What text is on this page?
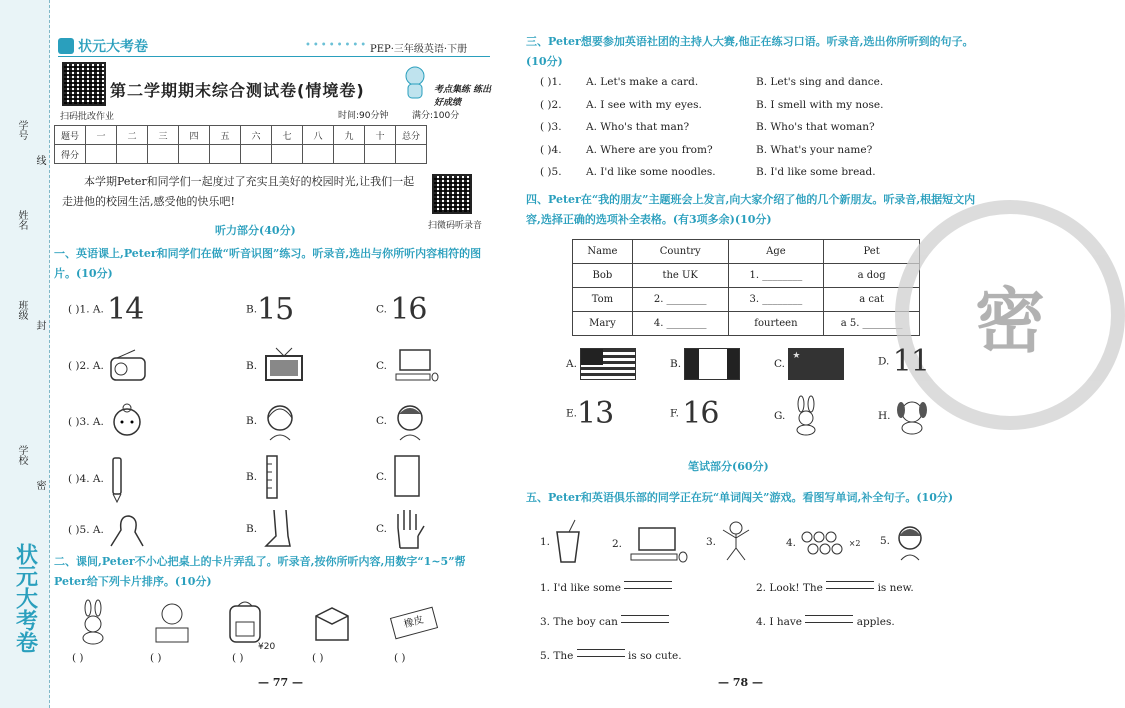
学号
线
姓名
封
班级
学校
密
状元大考卷
状元大考卷	•••••••• PEP·三年级英语·下册
扫码批改作业
第二学期期末综合测试卷(情境卷)	考点集练 练出好成绩
时间:90分钟	满分:100分
题号	一	二	三	四	五	六	七	八	九	十	总分
得分											
本学期Peter和同学们一起度过了充实且美好的校园时光,让我们一起走进他的校园生活,感受他的快乐吧!
扫微码听录音
听力部分(40分)
一、英语课上,Peter和同学们在做“听音识图”练习。听录音,选出与你所听内容相符的图片。(10分)
( )1. A. 14	B.15	C. 16
( )2. A.	B.	C.
( )3. A.	B.	C.
( )4. A.	B.	C.
( )5. A.	B.	C.
二、课间,Peter不小心把桌上的卡片弄乱了。听录音,按你所听内容,用数字“1~5”帮Peter给下列卡片排序。(10分)
¥20
橡皮
( )	( )	( )	( )	( )
— 77 —
三、Peter想要参加英语社团的主持人大赛,他正在练习口语。听录音,选出你所听到的句子。(10分)
( )1. A. Let's make a card.	B. Let's sing and dance.
( )2. A. I see with my eyes.	B. I smell with my nose.
( )3. A. Who's that man?	B. Who's that woman?
( )4. A. Where are you from?	B. What's your name?
( )5. A. I'd like some noodles.	B. I'd like some bread.
四、Peter在“我的朋友”主题班会上发言,向大家介绍了他的几个新朋友。听录音,根据短文内容,选择正确的选项补全表格。(有3项多余)(10分)
Name	Country	Age	Pet
Bob	the UK	1. ________	a dog
Tom	2. ________	3. ________	a cat
Mary	4. ________	fourteen	a 5. ________	密
A.	B.	C. ★	D. 11
E.13	F. 16	G.	H.
笔试部分(60分)
五、Peter和英语俱乐部的同学正在玩“单词闯关”游戏。看图写单词,补全句子。(10分)
1.	2.	3.	4.	×2 5.
1. I'd like some	2. Look! The	is new.
3. The boy can	4. I have	apples.
5. The	is so cute.
— 78 —
